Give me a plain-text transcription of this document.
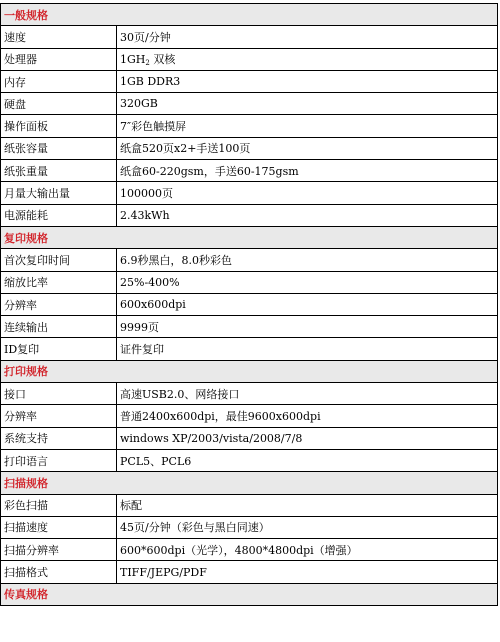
一般规格	
速度	30页/分钟
处理器	$1GH_2$ 双核
内存	1GB DDR3
硬盘	320GB
操作面板	7″彩色触摸屏
纸张容量	纸盒520页x2+手送100页
纸张重量	纸盒60-220gsm，手送60-175gsm
月量大输出量	100000页
电源能耗	2.43kWh
复印规格	
首次复印时间	6.9秒黑白，8.0秒彩色
缩放比率	25%-400%
分辨率	600x600dpi
连续输出	9999页
ID复印	证件复印
打印规格	
接口	高速USB2.0、网络接口
分辨率	普通2400x600dpi，最佳9600x600dpi
系统支持	windows XP/2003/vista/2008/7/8
打印语言	PCL5、PCL6
扫描规格	
彩色扫描	标配
扫描速度	45页/分钟（彩色与黑白同速）
扫描分辨率	600*600dpi（光学），4800*4800dpi（增强）
扫描格式	TIFF/JEPG/PDF
传真规格	
